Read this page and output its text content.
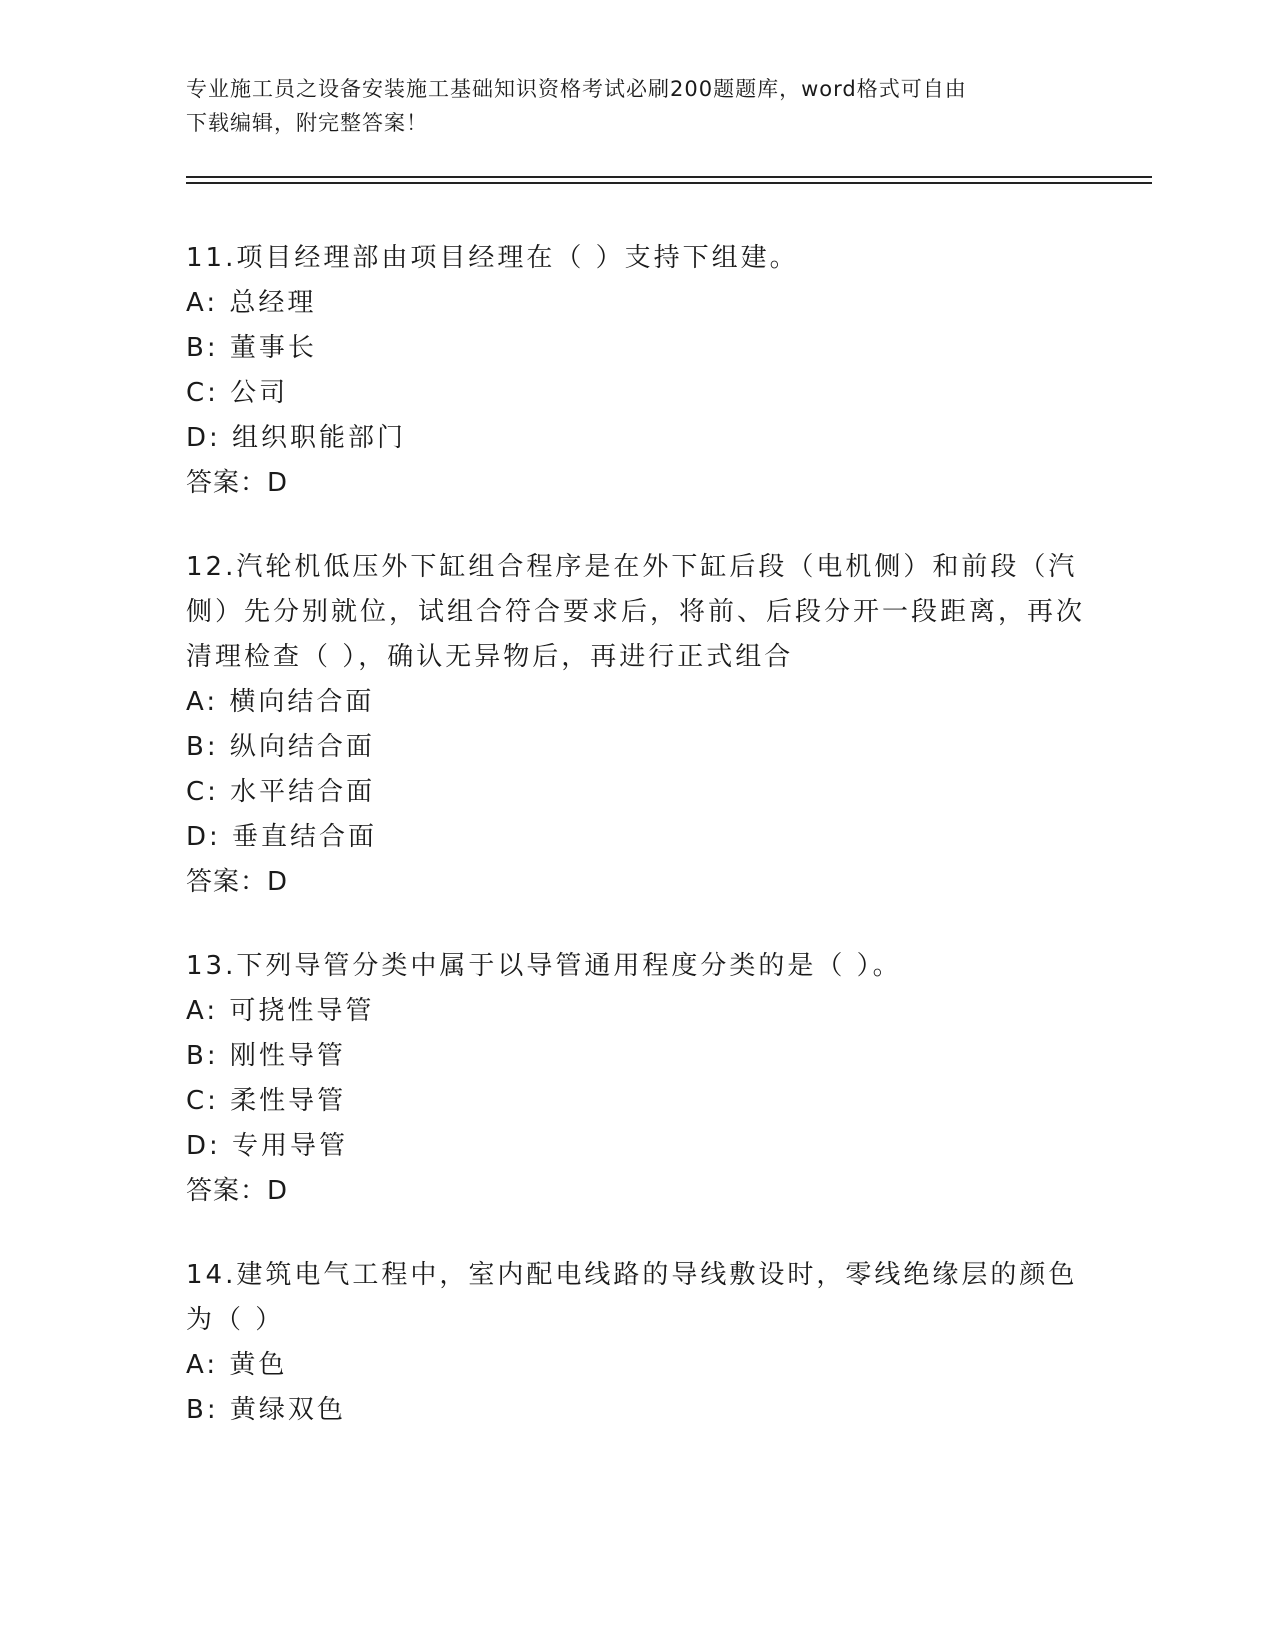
专业施工员之设备安装施工基础知识资格考试必刷200题题库，word格式可自由
下载编辑，附完整答案！

11.项目经理部由项目经理在（ ）支持下组建。

A: 总经理

B: 董事长

C: 公司

D: 组织职能部门

答案：D

12.汽轮机低压外下缸组合程序是在外下缸后段（电机侧）和前段（汽侧）先分别就位，试组合符合要求后，将前、后段分开一段距离，再次清理检查（ ），确认无异物后，再进行正式组合

A: 横向结合面

B: 纵向结合面

C: 水平结合面

D: 垂直结合面

答案：D

13.下列导管分类中属于以导管通用程度分类的是（ ）。

A: 可挠性导管

B: 刚性导管

C: 柔性导管

D: 专用导管

答案：D

14.建筑电气工程中，室内配电线路的导线敷设时，零线绝缘层的颜色为（ ）

A: 黄色

B: 黄绿双色
